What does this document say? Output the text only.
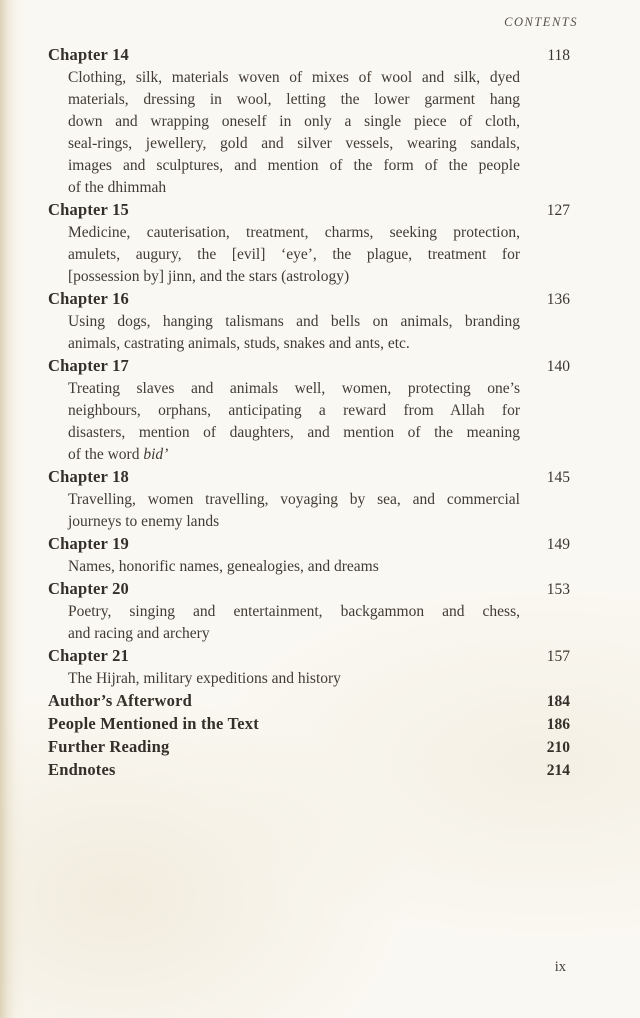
CONTENTS
Chapter 14	118
Clothing, silk, materials woven of mixes of wool and silk, dyed
materials, dressing in wool, letting the lower garment hang
down and wrapping oneself in only a single piece of cloth,
seal-rings, jewellery, gold and silver vessels, wearing sandals,
images and sculptures, and mention of the form of the people
of the dhimmah
Chapter 15	127
Medicine, cauterisation, treatment, charms, seeking protection,
amulets, augury, the [evil] ‘eye’, the plague, treatment for
[possession by] jinn, and the stars (astrology)
Chapter 16	136
Using dogs, hanging talismans and bells on animals, branding
animals, castrating animals, studs, snakes and ants, etc.
Chapter 17	140
Treating slaves and animals well, women, protecting one’s
neighbours, orphans, anticipating a reward from Allah for
disasters, mention of daughters, and mention of the meaning
of the word bid’
Chapter 18	145
Travelling, women travelling, voyaging by sea, and commercial
journeys to enemy lands
Chapter 19	149
Names, honorific names, genealogies, and dreams
Chapter 20	153
Poetry, singing and entertainment, backgammon and chess,
and racing and archery
Chapter 21	157
The Hijrah, military expeditions and history
Author’s Afterword	184
People Mentioned in the Text	186
Further Reading	210
Endnotes	214
ix
